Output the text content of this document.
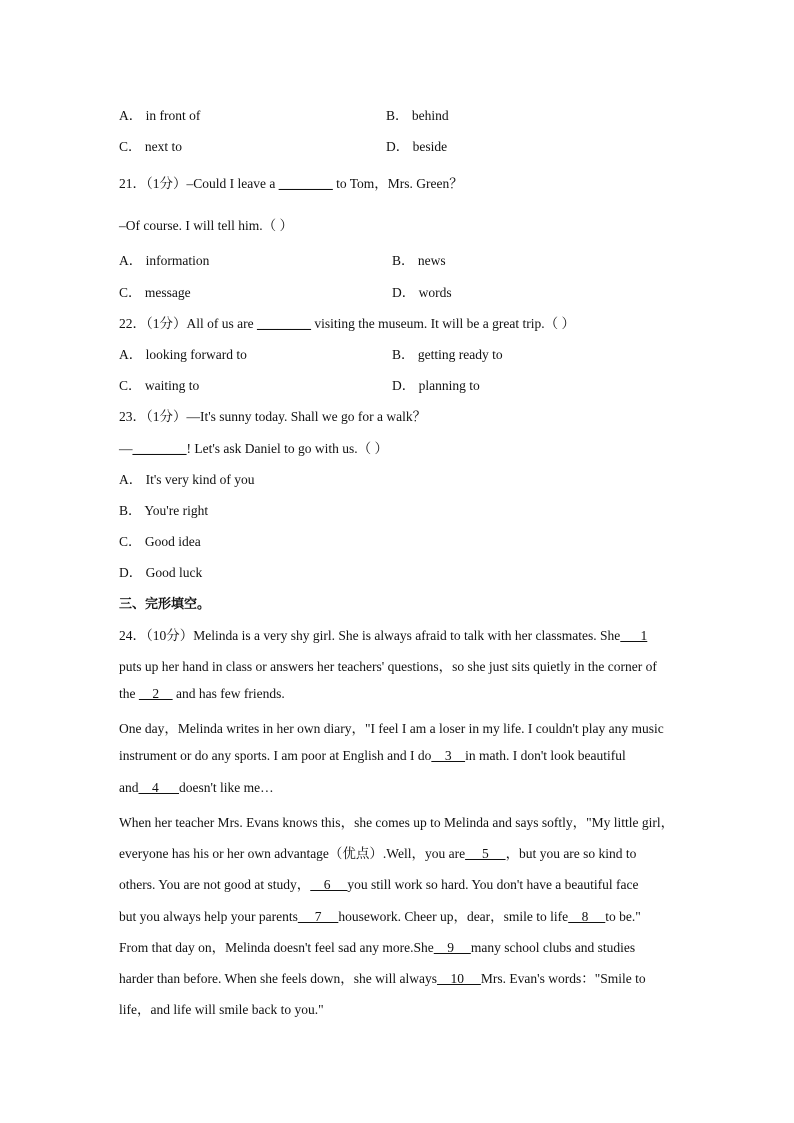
A． in front of	B． behind
C． next to	D． beside
21．（1分）–Could I leave a ________ to Tom，Mrs. Green？
–Of course. I will tell him.（ ）
A． information	B． news
C． message	D． words
22．（1分）All of us are ________ visiting the museum. It will be a great trip.（ ）
A． looking forward to	B． getting ready to
C． waiting to	D． planning to
23．（1分）—It's sunny today. Shall we go for a walk？
—________! Let's ask Daniel to go with us.（ ）
A． It's very kind of you
B． You're right
C． Good idea
D． Good luck
三、完形填空。
24．（10分）Melinda is a very shy girl. She is always afraid to talk with her classmates. She      1
puts up her hand in class or answers her teachers' questions，so she just sits quietly in the corner of
the     2     and has few friends.
One day，Melinda writes in her own diary，"I feel I am a loser in my life. I couldn't play any music
instrument or do any sports. I am poor at English and I do    3    in math. I don't look beautiful
and    4      doesn't like me…
When her teacher Mrs. Evans knows this，she comes up to Melinda and says softly，"My little girl，
everyone has his or her own advantage（优点）.Well，you are     5     ，but you are so kind to
others. You are not good at study，    6     you still work so hard. You don't have a beautiful face
but you always help your parents     7     housework. Cheer up，dear，smile to life    8     to be."
From that day on，Melinda doesn't feel sad any more.She    9     many school clubs and studies
harder than before. When she feels down，she will always    10     Mrs. Evan's words："Smile to
life，and life will smile back to you."
